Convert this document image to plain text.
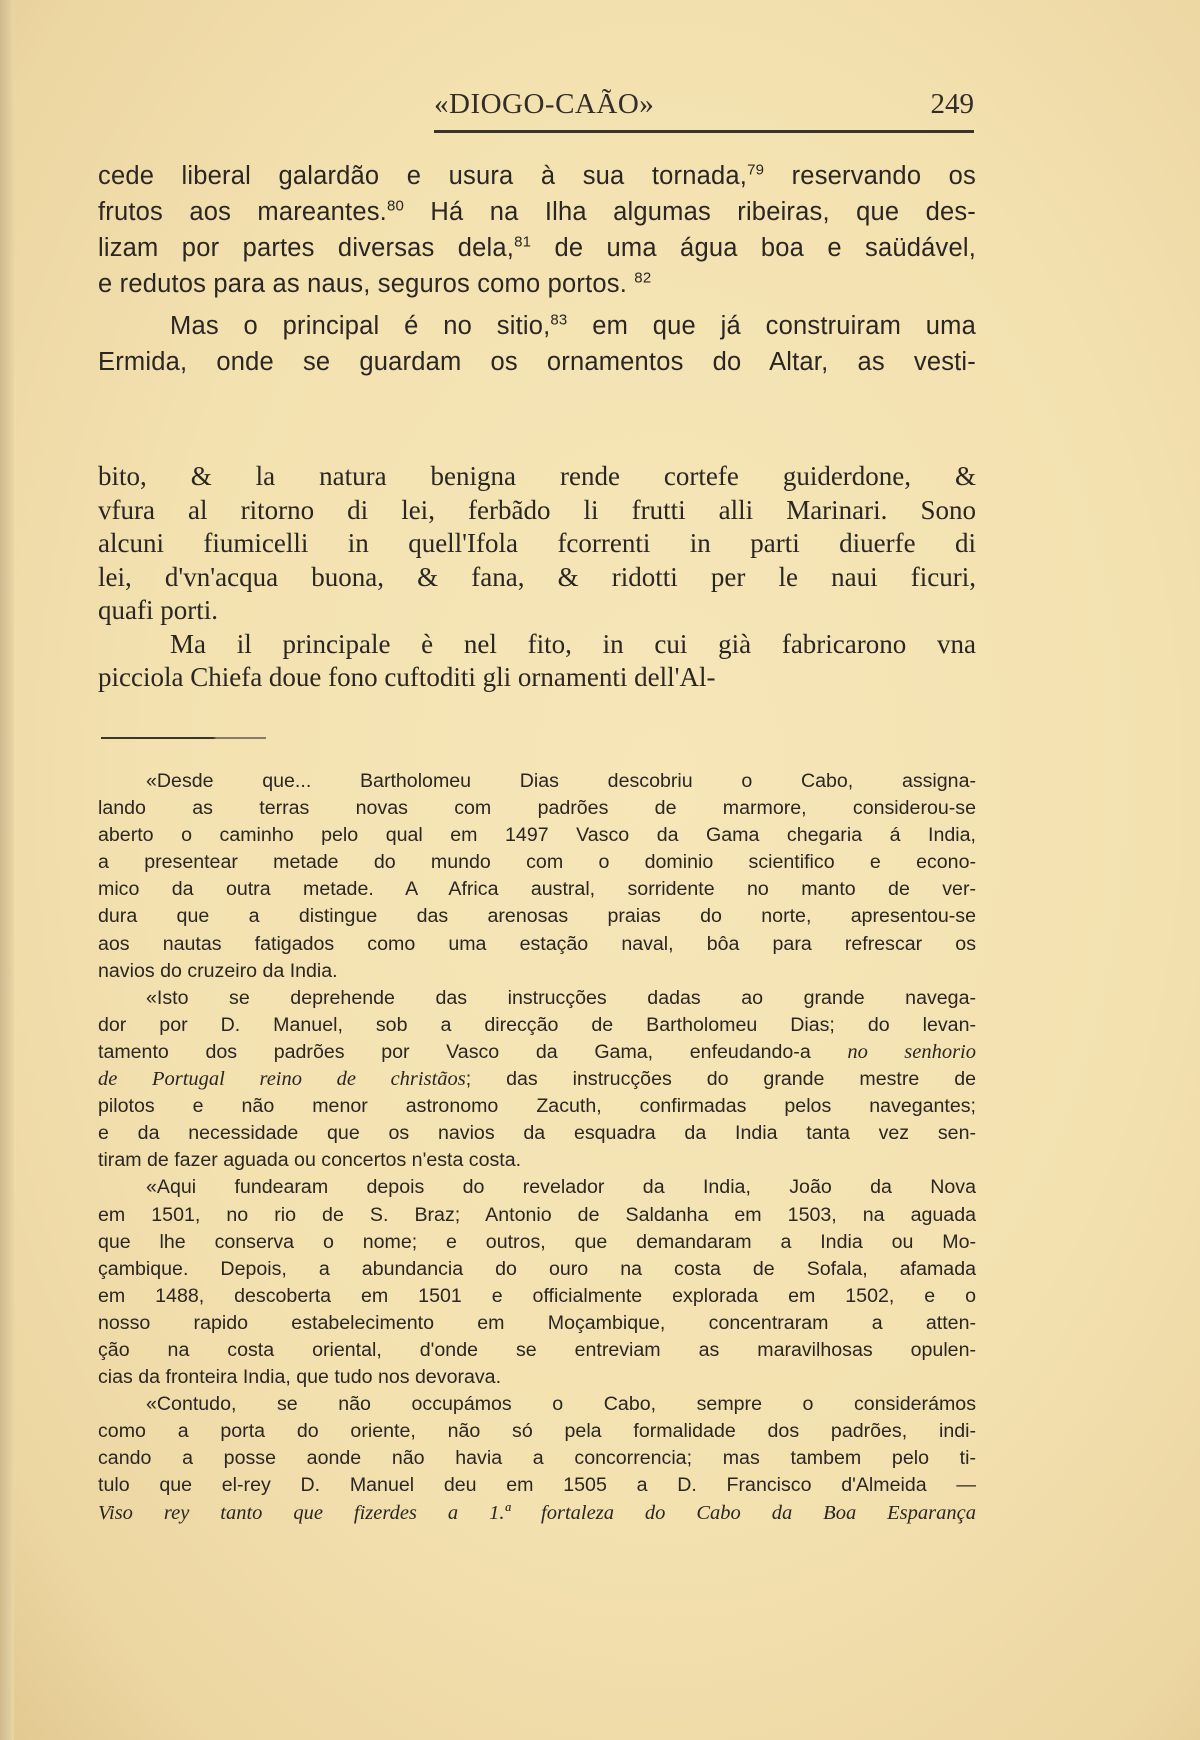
«DIOGO-CAÃO»	249

cede liberal galardão e usura à sua tornada,$^{79}$ reservando os

frutos aos mareantes.$^{80}$ Há na Ilha algumas ribeiras, que des-

lizam por partes diversas dela,$^{81}$ de uma água boa e saüdável,

e redutos para as naus, seguros como portos. $^{82}$

Mas o principal é no sitio,$^{83}$ em que já construiram uma

Ermida, onde se guardam os ornamentos do Altar, as vesti-

bito, & la natura benigna rende cortefe guiderdone, &

vfura al ritorno di lei, ferbãdo li frutti alli Marinari. Sono

alcuni fiumicelli in quell'Ifola fcorrenti in parti diuerfe di

lei, d'vn'acqua buona, & fana, & ridotti per le naui ficuri,

quafi porti.

Ma il principale è nel fito, in cui già fabricarono vna

picciola Chiefa doue fono cuftoditi gli ornamenti dell'Al-

«Desde que... Bartholomeu Dias descobriu o Cabo, assigna-

lando as terras novas com padrões de marmore, considerou-se

aberto o caminho pelo qual em 1497 Vasco da Gama chegaria á India,

a presentear metade do mundo com o dominio scientifico e econo-

mico da outra metade. A Africa austral, sorridente no manto de ver-

dura que a distingue das arenosas praias do norte, apresentou-se

aos nautas fatigados como uma estação naval, bôa para refrescar os

navios do cruzeiro da India.

«Isto se deprehende das instrucções dadas ao grande navega-

dor por D. Manuel, sob a direcção de Bartholomeu Dias; do levan-

tamento dos padrões por Vasco da Gama, enfeudando-a no senhorio

de Portugal reino de christãos; das instrucções do grande mestre de

pilotos e não menor astronomo Zacuth, confirmadas pelos navegantes;

e da necessidade que os navios da esquadra da India tanta vez sen-

tiram de fazer aguada ou concertos n'esta costa.

«Aqui fundearam depois do revelador da India, João da Nova

em 1501, no rio de S. Braz; Antonio de Saldanha em 1503, na aguada

que lhe conserva o nome; e outros, que demandaram a India ou Mo-

çambique. Depois, a abundancia do ouro na costa de Sofala, afamada

em 1488, descoberta em 1501 e officialmente explorada em 1502, e o

nosso rapido estabelecimento em Moçambique, concentraram a atten-

ção na costa oriental, d'onde se entreviam as maravilhosas opulen-

cias da fronteira India, que tudo nos devorava.

«Contudo, se não occupámos o Cabo, sempre o considerámos

como a porta do oriente, não só pela formalidade dos padrões, indi-

cando a posse aonde não havia a concorrencia; mas tambem pelo ti-

tulo que el-rey D. Manuel deu em 1505 a D. Francisco d'Almeida —

Viso rey tanto que fizerdes a 1.ª fortaleza do Cabo da Boa Esparança
